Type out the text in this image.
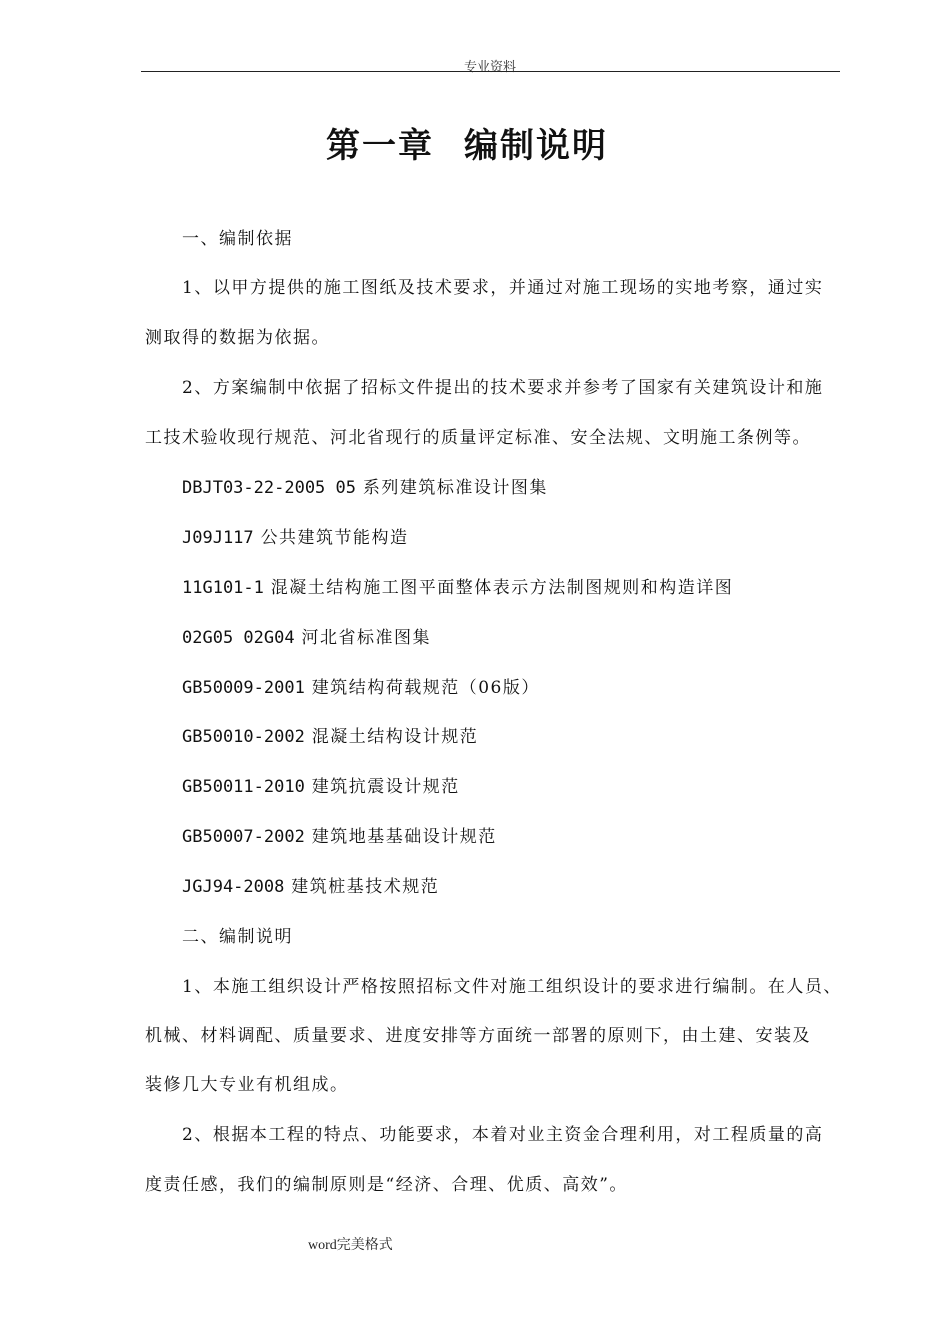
专业资料
第一章 编制说明
一、编制依据
1、以甲方提供的施工图纸及技术要求，并通过对施工现场的实地考察，通过实
测取得的数据为依据。
2、方案编制中依据了招标文件提出的技术要求并参考了国家有关建筑设计和施
工技术验收现行规范、河北省现行的质量评定标准、安全法规、文明施工条例等。
DBJT03-22-2005 05 系列建筑标准设计图集
J09J117 公共建筑节能构造
11G101-1 混凝土结构施工图平面整体表示方法制图规则和构造详图
02G05 02G04 河北省标准图集
GB50009-2001 建筑结构荷载规范（06版）
GB50010-2002 混凝土结构设计规范
GB50011-2010 建筑抗震设计规范
GB50007-2002 建筑地基基础设计规范
JGJ94-2008 建筑桩基技术规范
二、编制说明
1、本施工组织设计严格按照招标文件对施工组织设计的要求进行编制。在人员、
机械、材料调配、质量要求、进度安排等方面统一部署的原则下，由土建、安装及
装修几大专业有机组成。
2、根据本工程的特点、功能要求，本着对业主资金合理利用，对工程质量的高
度责任感，我们的编制原则是“经济、合理、优质、高效”。
word完美格式
